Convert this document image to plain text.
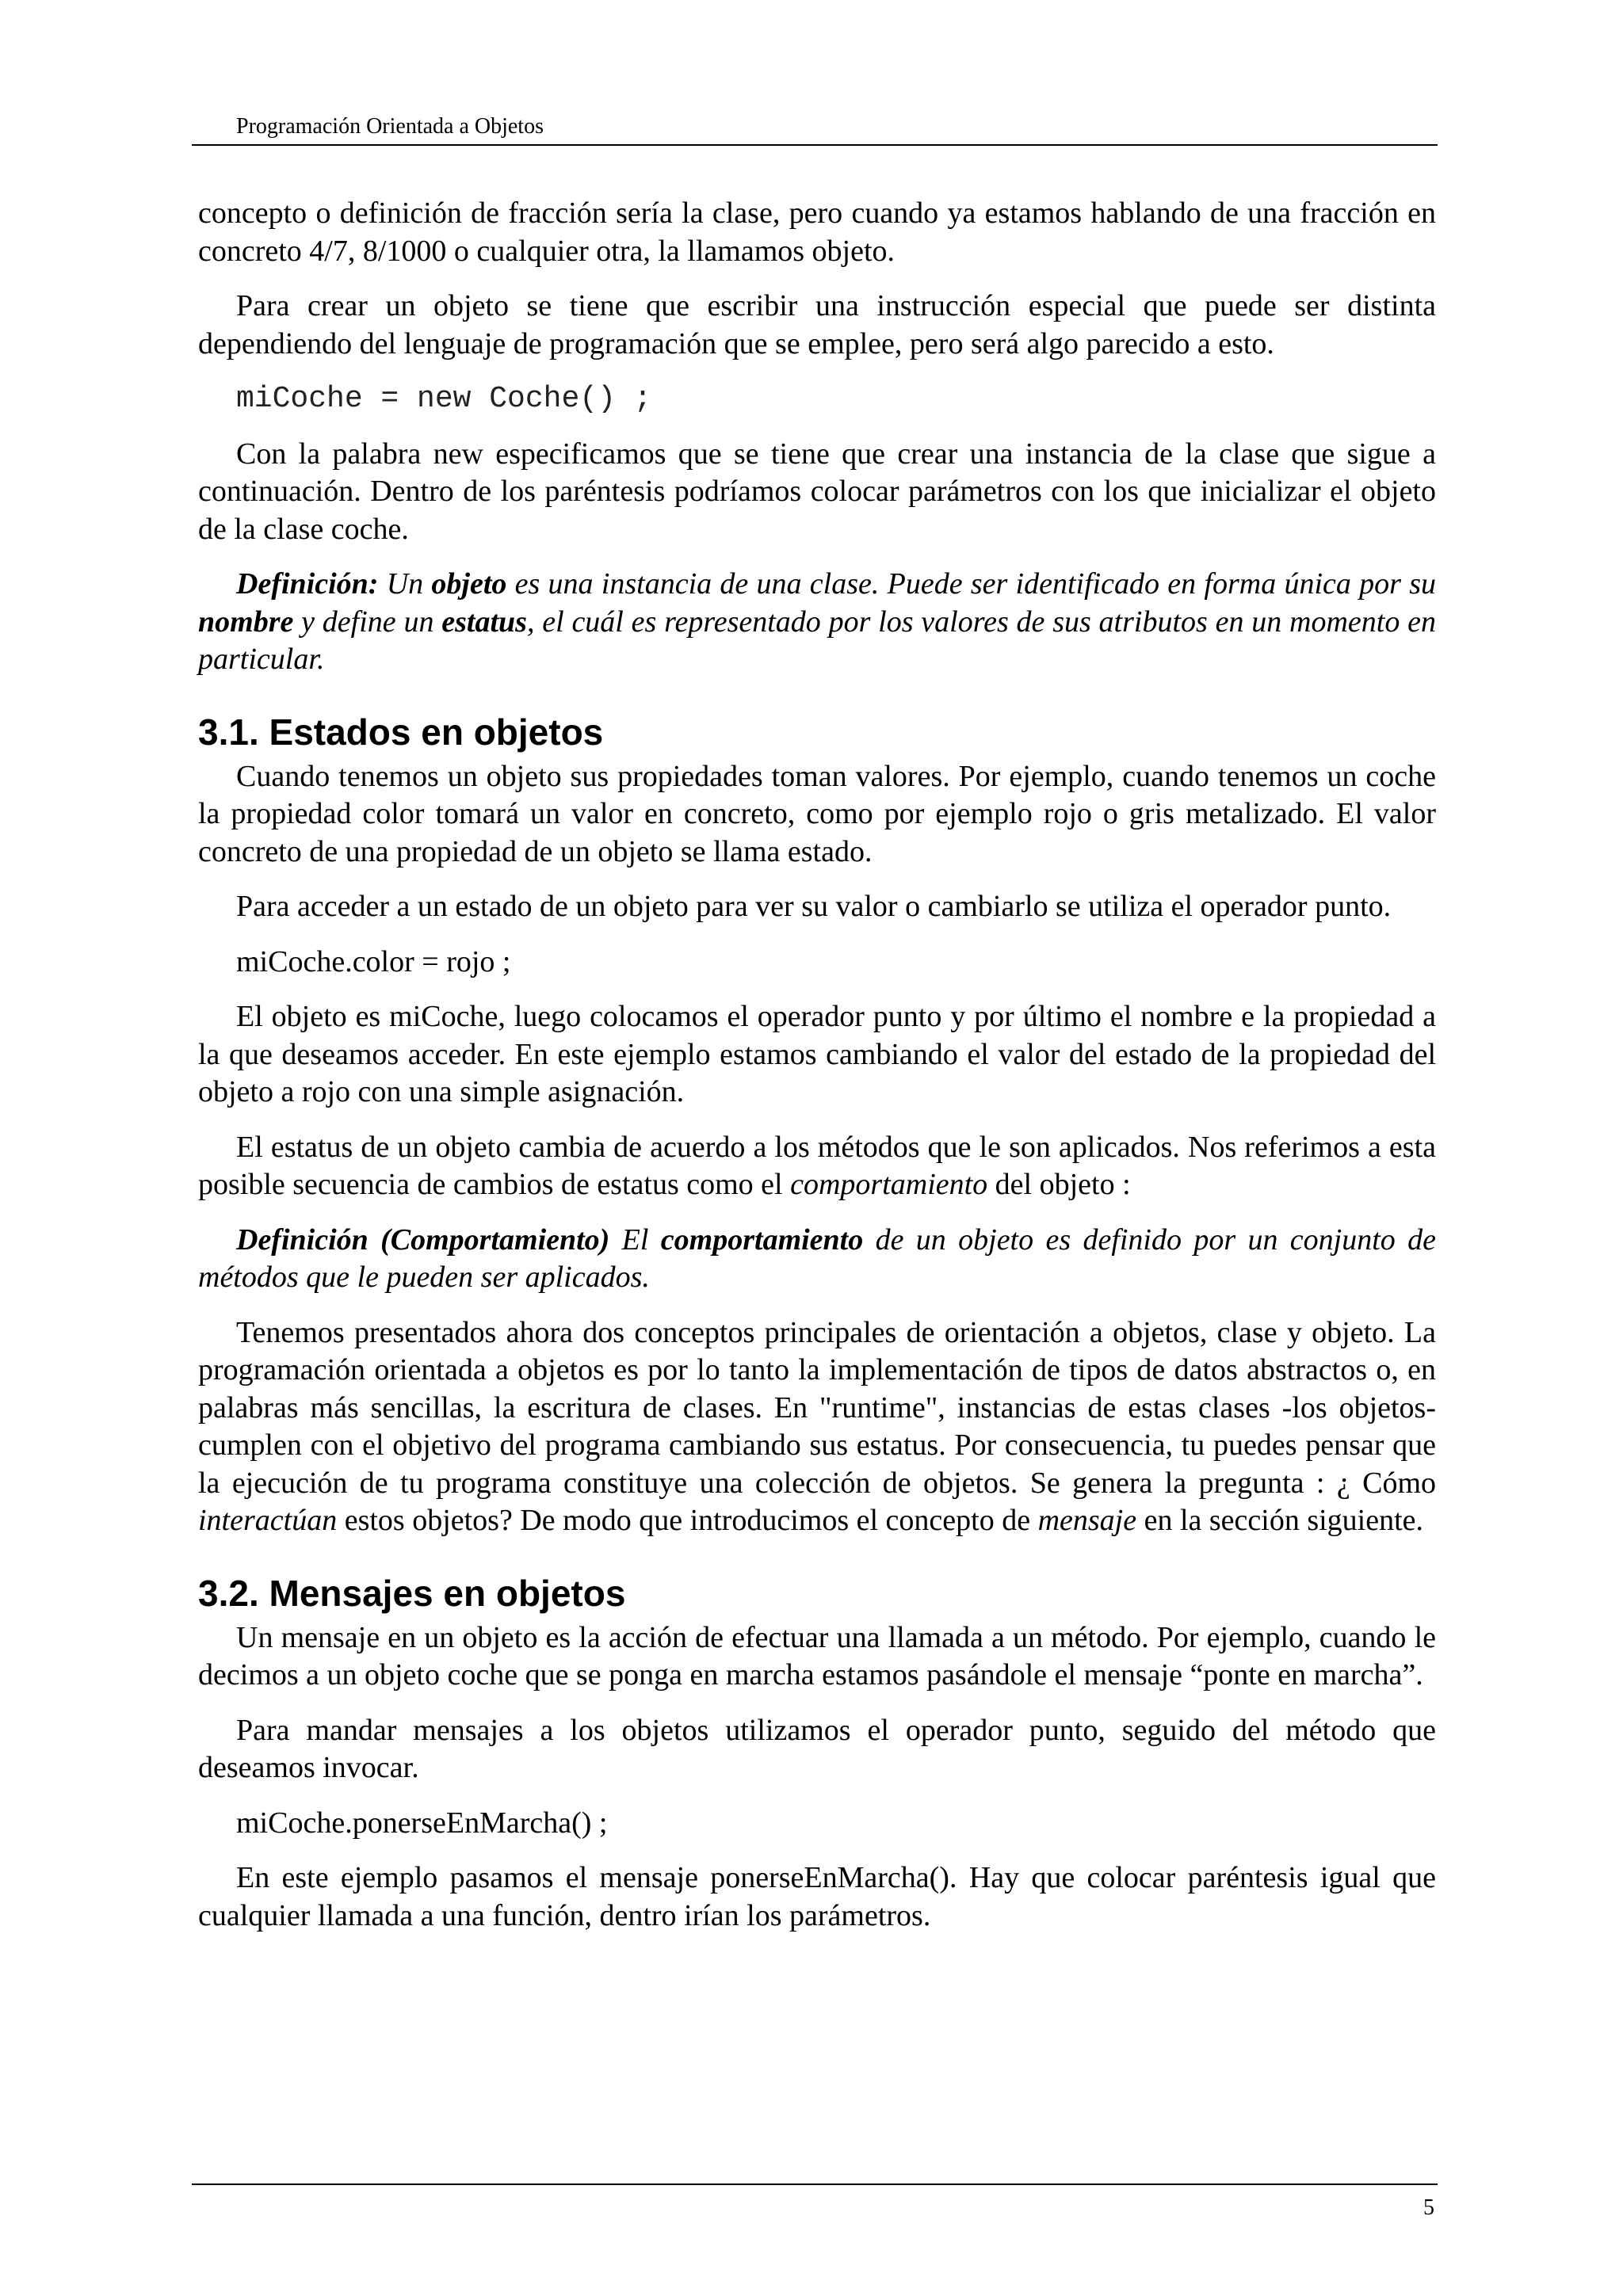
Programación Orientada a Objetos

concepto o definición de fracción sería la clase, pero cuando ya estamos hablando de una fracción en concreto 4/7, 8/1000 o cualquier otra, la llamamos objeto.

Para crear un objeto se tiene que escribir una instrucción especial que puede ser distinta dependiendo del lenguaje de programación que se emplee, pero será algo parecido a esto.

miCoche = new Coche() ;

Con la palabra new especificamos que se tiene que crear una instancia de la clase que sigue a continuación. Dentro de los paréntesis podríamos colocar parámetros con los que inicializar el objeto de la clase coche.

Definición: Un objeto es una instancia de una clase. Puede ser identificado en forma única por su nombre y define un estatus, el cuál es representado por los valores de sus atributos en un momento en particular.

3.1. Estados en objetos

Cuando tenemos un objeto sus propiedades toman valores. Por ejemplo, cuando tenemos un coche la propiedad color tomará un valor en concreto, como por ejemplo rojo o gris metalizado. El valor concreto de una propiedad de un objeto se llama estado.

Para acceder a un estado de un objeto para ver su valor o cambiarlo se utiliza el operador punto.

miCoche.color = rojo ;

El objeto es miCoche, luego colocamos el operador punto y por último el nombre e la propiedad a la que deseamos acceder. En este ejemplo estamos cambiando el valor del estado de la propiedad del objeto a rojo con una simple asignación.

El estatus de un objeto cambia de acuerdo a los métodos que le son aplicados. Nos referimos a esta posible secuencia de cambios de estatus como el comportamiento del objeto :

Definición (Comportamiento) El comportamiento de un objeto es definido por un conjunto de métodos que le pueden ser aplicados.

Tenemos presentados ahora dos conceptos principales de orientación a objetos, clase y objeto. La programación orientada a objetos es por lo tanto la implementación de tipos de datos abstractos o, en palabras más sencillas, la escritura de clases. En "runtime", instancias de estas clases -los objetos- cumplen con el objetivo del programa cambiando sus estatus. Por consecuencia, tu puedes pensar que la ejecución de tu programa constituye una colección de objetos. Se genera la pregunta : ¿ Cómo interactúan estos objetos? De modo que introducimos el concepto de mensaje en la sección siguiente.

3.2. Mensajes en objetos

Un mensaje en un objeto es la acción de efectuar una llamada a un método. Por ejemplo, cuando le decimos a un objeto coche que se ponga en marcha estamos pasándole el mensaje “ponte en marcha”.

Para mandar mensajes a los objetos utilizamos el operador punto, seguido del método que deseamos invocar.

miCoche.ponerseEnMarcha() ;

En este ejemplo pasamos el mensaje ponerseEnMarcha(). Hay que colocar paréntesis igual que cualquier llamada a una función, dentro irían los parámetros.

5
